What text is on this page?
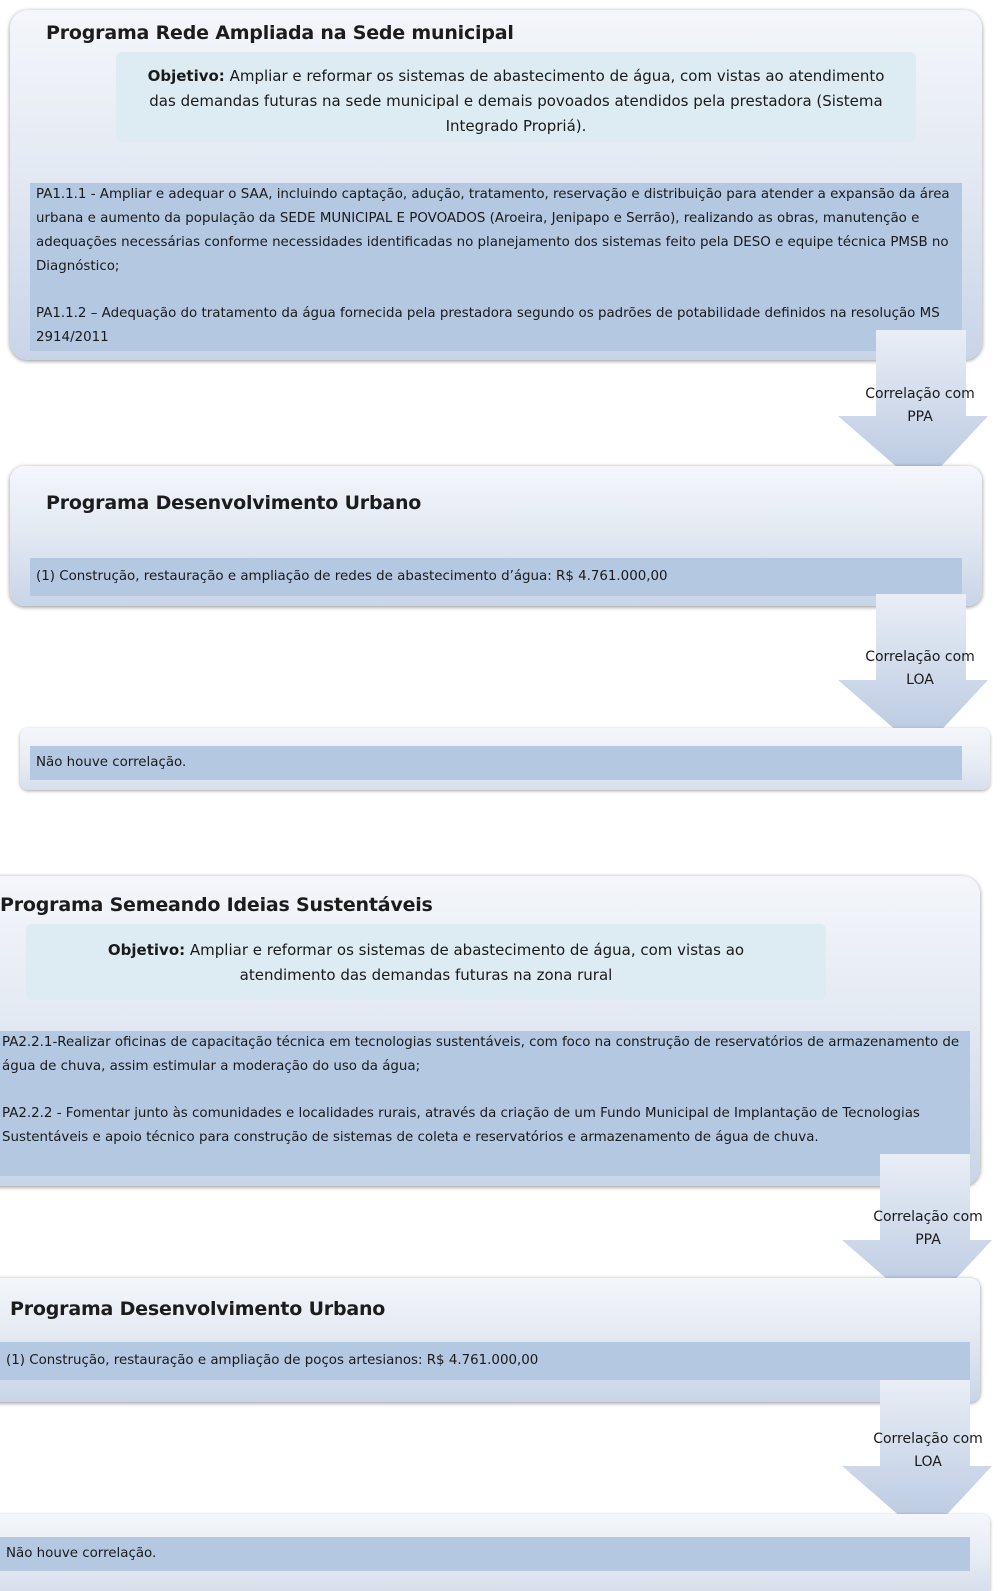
Programa Rede Ampliada na Sede municipal
Objetivo: Ampliar e reformar os sistemas de abastecimento de água, com vistas ao atendimento das demandas futuras na sede municipal e demais povoados atendidos pela prestadora (Sistema Integrado Propriá).

PA1.1.1 - Ampliar e adequar o SAA, incluindo captação, adução, tratamento, reservação e distribuição para atender a expansão da área urbana e aumento da população da SEDE MUNICIPAL E POVOADOS (Aroeira, Jenipapo e Serrão), realizando as obras, manutenção e adequações necessárias conforme necessidades identificadas no planejamento dos sistemas feito pela DESO e equipe técnica PMSB no Diagnóstico;

PA1.1.2 – Adequação do tratamento da água fornecida pela prestadora segundo os padrões de potabilidade definidos na resolução MS 2914/2011

Correlação com PPA
Programa Desenvolvimento Urbano
(1) Construção, restauração e ampliação de redes de abastecimento d’água: R$ 4.761.000,00
Correlação com LOA
Não houve correlação.
Programa Semeando Ideias Sustentáveis
Objetivo: Ampliar e reformar os sistemas de abastecimento de água, com vistas ao atendimento das demandas futuras na zona rural

PA2.2.1-Realizar oficinas de capacitação técnica em tecnologias sustentáveis, com foco na construção de reservatórios de armazenamento de água de chuva, assim estimular a moderação do uso da água;

PA2.2.2 - Fomentar junto às comunidades e localidades rurais, através da criação de um Fundo Municipal de Implantação de Tecnologias Sustentáveis e apoio técnico para construção de sistemas de coleta e reservatórios e armazenamento de água de chuva.

Correlação com PPA
Programa Desenvolvimento Urbano
(1) Construção, restauração e ampliação de poços artesianos: R$ 4.761.000,00
Correlação com LOA
Não houve correlação.
